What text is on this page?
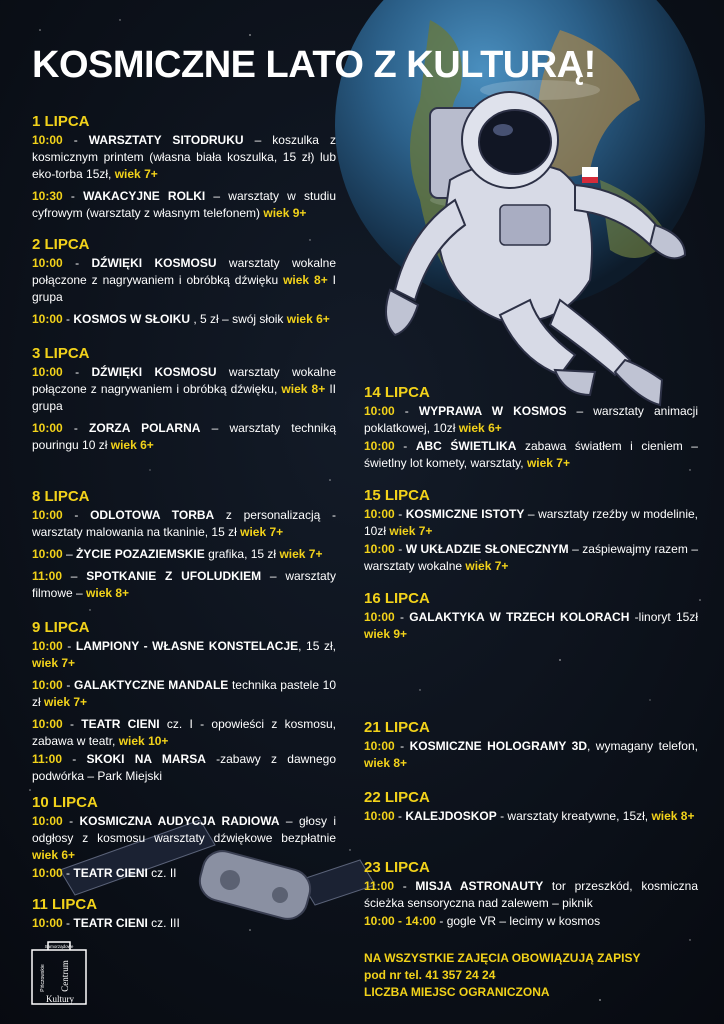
KOSMICZNE LATO Z KULTURĄ!
1 LIPCA
10:00 - WARSZTATY SITODRUKU – koszulka z kosmicznym printem (własna biała koszulka, 15 zł) lub eko-torba 15zł, wiek 7+
10:30 - WAKACYJNE ROLKI – warsztaty w studiu cyfrowym (warsztaty z własnym telefonem) wiek 9+
2 LIPCA
10:00 - DŹWIĘKI KOSMOSU warsztaty wokalne połączone z nagrywaniem i obróbką dźwięku wiek 8+ I grupa
10:00 - KOSMOS W SŁOIKU , 5 zł – swój słoik wiek 6+
3 LIPCA
10:00 - DŹWIĘKI KOSMOSU warsztaty wokalne połączone z nagrywaniem i obróbką dźwięku, wiek 8+ II grupa
10:00 - ZORZA POLARNA – warsztaty techniką pouringu 10 zł wiek 6+
8 LIPCA
10:00 - ODLOTOWA TORBA z personalizacją - warsztaty malowania na tkaninie, 15 zł wiek 7+
10:00 – ŻYCIE POZAZIEMSKIE grafika, 15 zł wiek 7+
11:00 – SPOTKANIE Z UFOLUDKIEM – warsztaty filmowe – wiek 8+
9 LIPCA
10:00 - LAMPIONY - WŁASNE KONSTELACJE, 15 zł, wiek 7+
10:00 - GALAKTYCZNE MANDALE technika pastele 10 zł wiek 7+
10:00 - TEATR CIENI cz. I - opowieści z kosmosu, zabawa w teatr, wiek 10+
11:00 - SKOKI NA MARSA -zabawy z dawnego podwórka – Park Miejski
10 LIPCA
10:00 - KOSMICZNA AUDYCJA RADIOWA – głosy i odgłosy z kosmosu warsztaty dźwiękowe bezpłatnie wiek 6+
10:00 - TEATR CIENI cz. II
11 LIPCA
10:00 - TEATR CIENI cz. III
14 LIPCA
10:00 - WYPRAWA W KOSMOS – warsztaty animacji poklatkowej, 10zł wiek 6+
10:00 - ABC ŚWIETLIKA zabawa światłem i cieniem – świetlny lot komety, warsztaty, wiek 7+
15 LIPCA
10:00 - KOSMICZNE ISTOTY – warsztaty rzeźby w modelinie, 10zł wiek 7+
10:00 - W UKŁADZIE SŁONECZNYM – zaśpiewajmy razem – warsztaty wokalne wiek 7+
16 LIPCA
10:00 - GALAKTYKA W TRZECH KOLORACH -linoryt 15zł wiek 9+
21 LIPCA
10:00 - KOSMICZNE HOLOGRAMY 3D, wymagany telefon, wiek 8+
22 LIPCA
10:00 - KALEJDOSKOP - warsztaty kreatywne, 15zł, wiek 8+
23 LIPCA
11:00 - MISJA ASTRONAUTY tor przeszkód, kosmiczna ścieżka sensoryczna nad zalewem – piknik
10:00 - 14:00 - gogle VR – lecimy w kosmos
NA WSZYSTKIE ZAJĘCIA OBOWIĄZUJĄ ZAPISY
pod nr tel. 41 357 24 24
LICZBA MIEJSC OGRANICZONA
Samorządowe
Pińczowskie Centrum
Kultury
